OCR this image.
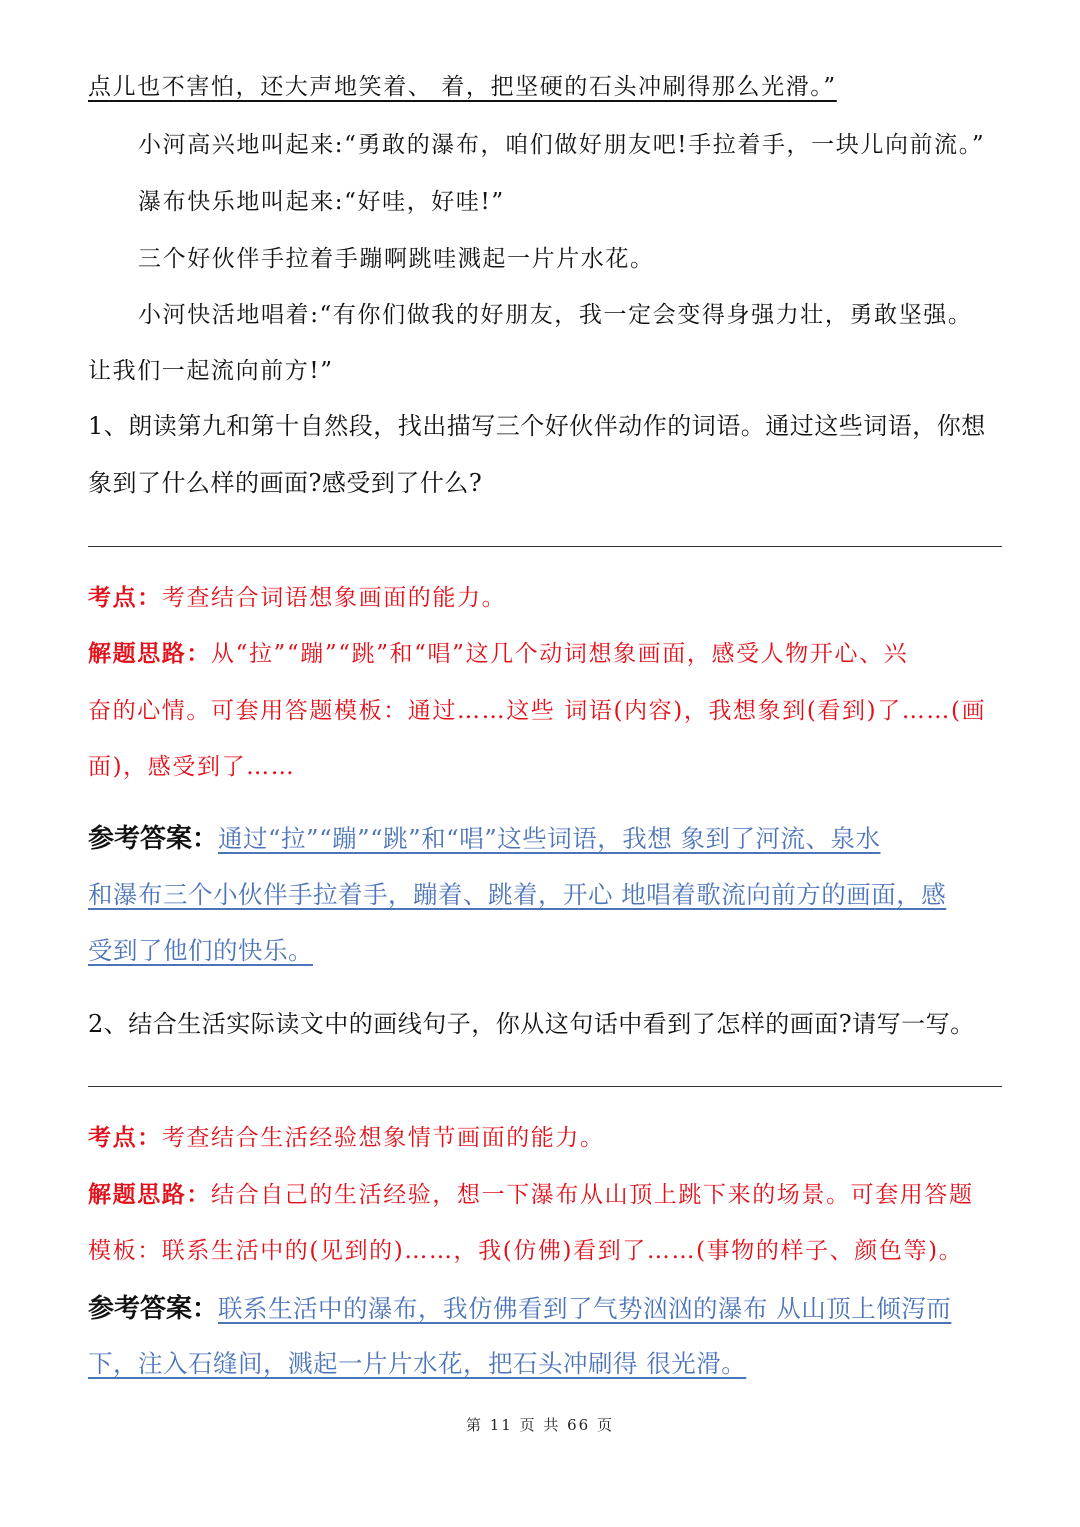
点儿也不害怕，还大声地笑着、 着，把坚硬的石头冲刷得那么光滑。”
小河高兴地叫起来:“勇敢的瀑布，咱们做好朋友吧!手拉着手，一块儿向前流。”
瀑布快乐地叫起来:“好哇，好哇!”
三个好伙伴手拉着手蹦啊跳哇溅起一片片水花。
小河快活地唱着:“有你们做我的好朋友，我一定会变得身强力壮，勇敢坚强。
让我们一起流向前方!”
1、朗读第九和第十自然段，找出描写三个好伙伴动作的词语。通过这些词语，你想
象到了什么样的画面?感受到了什么?
考点：考查结合词语想象画面的能力。
解题思路：从“拉”“蹦”“跳”和“唱”这几个动词想象画面，感受人物开心、兴
奋的心情。可套用答题模板：通过……这些 词语(内容)，我想象到(看到)了……(画
面)，感受到了……
参考答案：通过“拉”“蹦”“跳”和“唱”这些词语，我想 象到了河流、泉水
和瀑布三个小伙伴手拉着手，蹦着、跳着，开心 地唱着歌流向前方的画面，感
受到了他们的快乐。
2、结合生活实际读文中的画线句子，你从这句话中看到了怎样的画面?请写一写。
考点：考查结合生活经验想象情节画面的能力。
解题思路：结合自己的生活经验，想一下瀑布从山顶上跳下来的场景。可套用答题
模板：联系生活中的(见到的)……，我(仿佛)看到了……(事物的样子、颜色等)。
参考答案：联系生活中的瀑布，我仿佛看到了气势汹汹的瀑布 从山顶上倾泻而
下，注入石缝间，溅起一片片水花，把石头冲刷得 很光滑。
第 11 页 共 66 页
